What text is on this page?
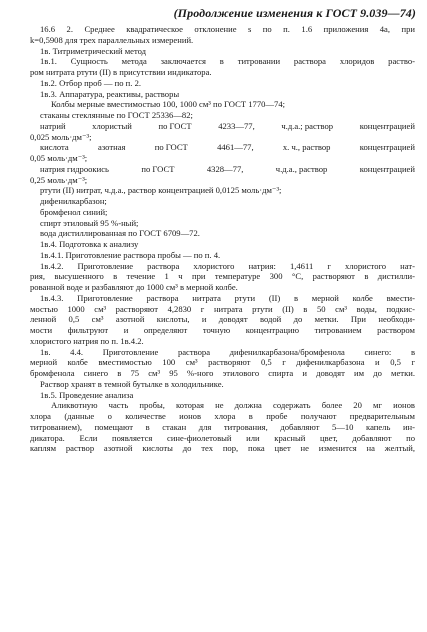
(Продолжение изменения к ГОСТ 9.039—74)
16.6 2. Среднее квадратическое отклонение s по п. 1.6 приложения 4а, при
k=0,5908 для трех параллельных измерений.
1в. Титриметрический метод
1в.1. Сущность метода заключается в титровании раствора хлоридов раство-
ром нитрата ртути (II) в присутствии индикатора.
1в.2. Отбор проб — по п. 2.
1в.3. Аппаратура, реактивы, растворы
Колбы мерные вместимостью 100, 1000 см³ по ГОСТ 1770—74;
стаканы стеклянные по ГОСТ 25336—82;
натрий	хлористый	по ГОСТ	4233—77,	ч.д.а.; раствор	концентрацией
0,025 моль·дм⁻³;
кислота	азотная	по ГОСТ	4461—77,	х. ч., раствор	концентрацией
0,05 моль·дм⁻³;
натрия гидроокись	по ГОСТ	4328—77,	ч.д.а., раствор	концентрацией
0,25 моль·дм⁻³;
ртути (II) нитрат, ч.д.а., раствор концентрацией 0,0125 моль·дм⁻³;
дифенилкарбазон;
бромфенол синий;
спирт этиловый 95 %-ный;
вода дистиллированная по ГОСТ 6709—72.
1в.4. Подготовка к анализу
1в.4.1. Приготовление раствора пробы — по п. 4.
1в.4.2. Приготовление раствора хлористого натрия: 1,4611 г хлористого нат-
рия, высушенного в течение 1 ч при температуре 300 °С, растворяют в дистилли-
рованной воде и разбавляют до 1000 см³ в мерной колбе.
1в.4.3. Приготовление раствора нитрата ртути (II) в мерной колбе вмести-
мостью 1000 см³ растворяют 4,2830 г нитрата ртути (II) в 50 см³ воды, подкис-
ленной 0,5 см³ азотной кислоты, и доводят водой до метки. При необходи-
мости фильтруют и определяют точную концентрацию титрованием раствором
хлористого натрия по п. 1в.4.2.
1в. 4.4. Приготовление раствора дифенилкарбазона/бромфенола синего: в
мерной колбе вместимостью 100 см³ растворяют 0,5 г дифенилкарбазона и 0,5 г
бромфенола синего в 75 см³ 95 %-ного этилового спирта и доводят им до метки.
Раствор хранят в темной бутылке в холодильнике.
1в.5. Проведение анализа
Аликвотную часть пробы, которая не должна содержать более 20 мг ионов
хлора (данные о количестве ионов хлора в пробе получают предварительным
титрованием), помещают в стакан для титрования, добавляют 5—10 капель ин-
дикатора. Если появляется сине-фиолетовый или красный цвет, добавляют по
каплям раствор азотной кислоты до тех пор, пока цвет не изменится на желтый,
